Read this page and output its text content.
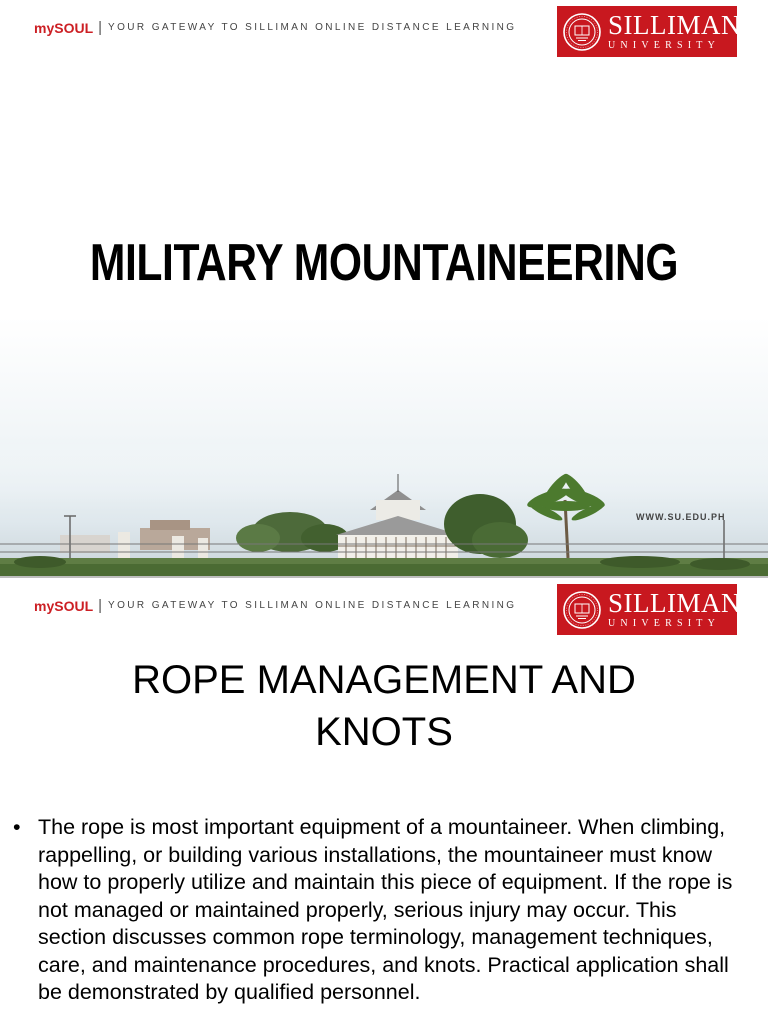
my SOUL | YOUR GATEWAY TO SILLIMAN ONLINE DISTANCE LEARNING	SILLIMAN
UNIVERSITY
MILITARY MOUNTAINEERING
WWW.SU.EDU.PH
my SOUL | YOUR GATEWAY TO SILLIMAN ONLINE DISTANCE LEARNING	SILLIMAN
UNIVERSITY
ROPE MANAGEMENT AND
KNOTS
• The rope is most important equipment of a mountaineer. When climbing, rappelling, or building various installations, the mountaineer must know how to properly utilize and maintain this piece of equipment. If the rope is not managed or maintained properly, serious injury may occur. This section discusses common rope terminology, management techniques, care, and maintenance procedures, and knots. Practical application shall be demonstrated by qualified personnel.
